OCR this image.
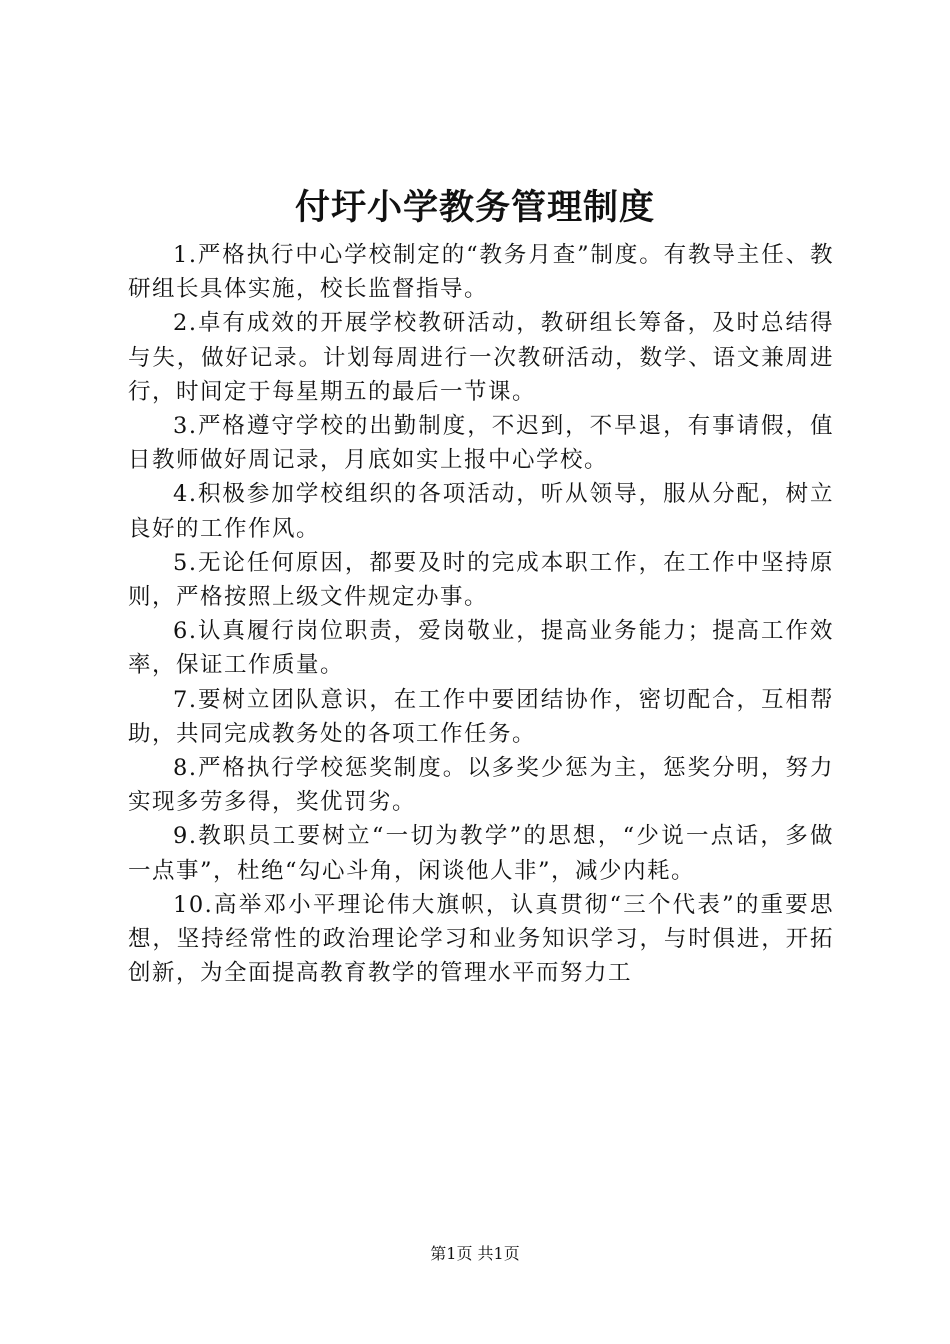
付圩小学教务管理制度

1.严格执行中心学校制定的“教务月查”制度。有教导主任、教研组长具体实施，校长监督指导。

2.卓有成效的开展学校教研活动，教研组长筹备，及时总结得与失，做好记录。计划每周进行一次教研活动，数学、语文兼周进行，时间定于每星期五的最后一节课。

3.严格遵守学校的出勤制度，不迟到，不早退，有事请假，值日教师做好周记录，月底如实上报中心学校。

4.积极参加学校组织的各项活动，听从领导，服从分配，树立良好的工作作风。

5.无论任何原因，都要及时的完成本职工作，在工作中坚持原则，严格按照上级文件规定办事。

6.认真履行岗位职责，爱岗敬业，提高业务能力；提高工作效率，保证工作质量。

7.要树立团队意识，在工作中要团结协作，密切配合，互相帮助，共同完成教务处的各项工作任务。

8.严格执行学校惩奖制度。以多奖少惩为主，惩奖分明，努力实现多劳多得，奖优罚劣。

9.教职员工要树立“一切为教学”的思想，“少说一点话，多做一点事”，杜绝“勾心斗角，闲谈他人非”，减少内耗。

10.高举邓小平理论伟大旗帜，认真贯彻“三个代表”的重要思想，坚持经常性的政治理论学习和业务知识学习，与时俱进，开拓创新，为全面提高教育教学的管理水平而努力工

第1页 共1页
